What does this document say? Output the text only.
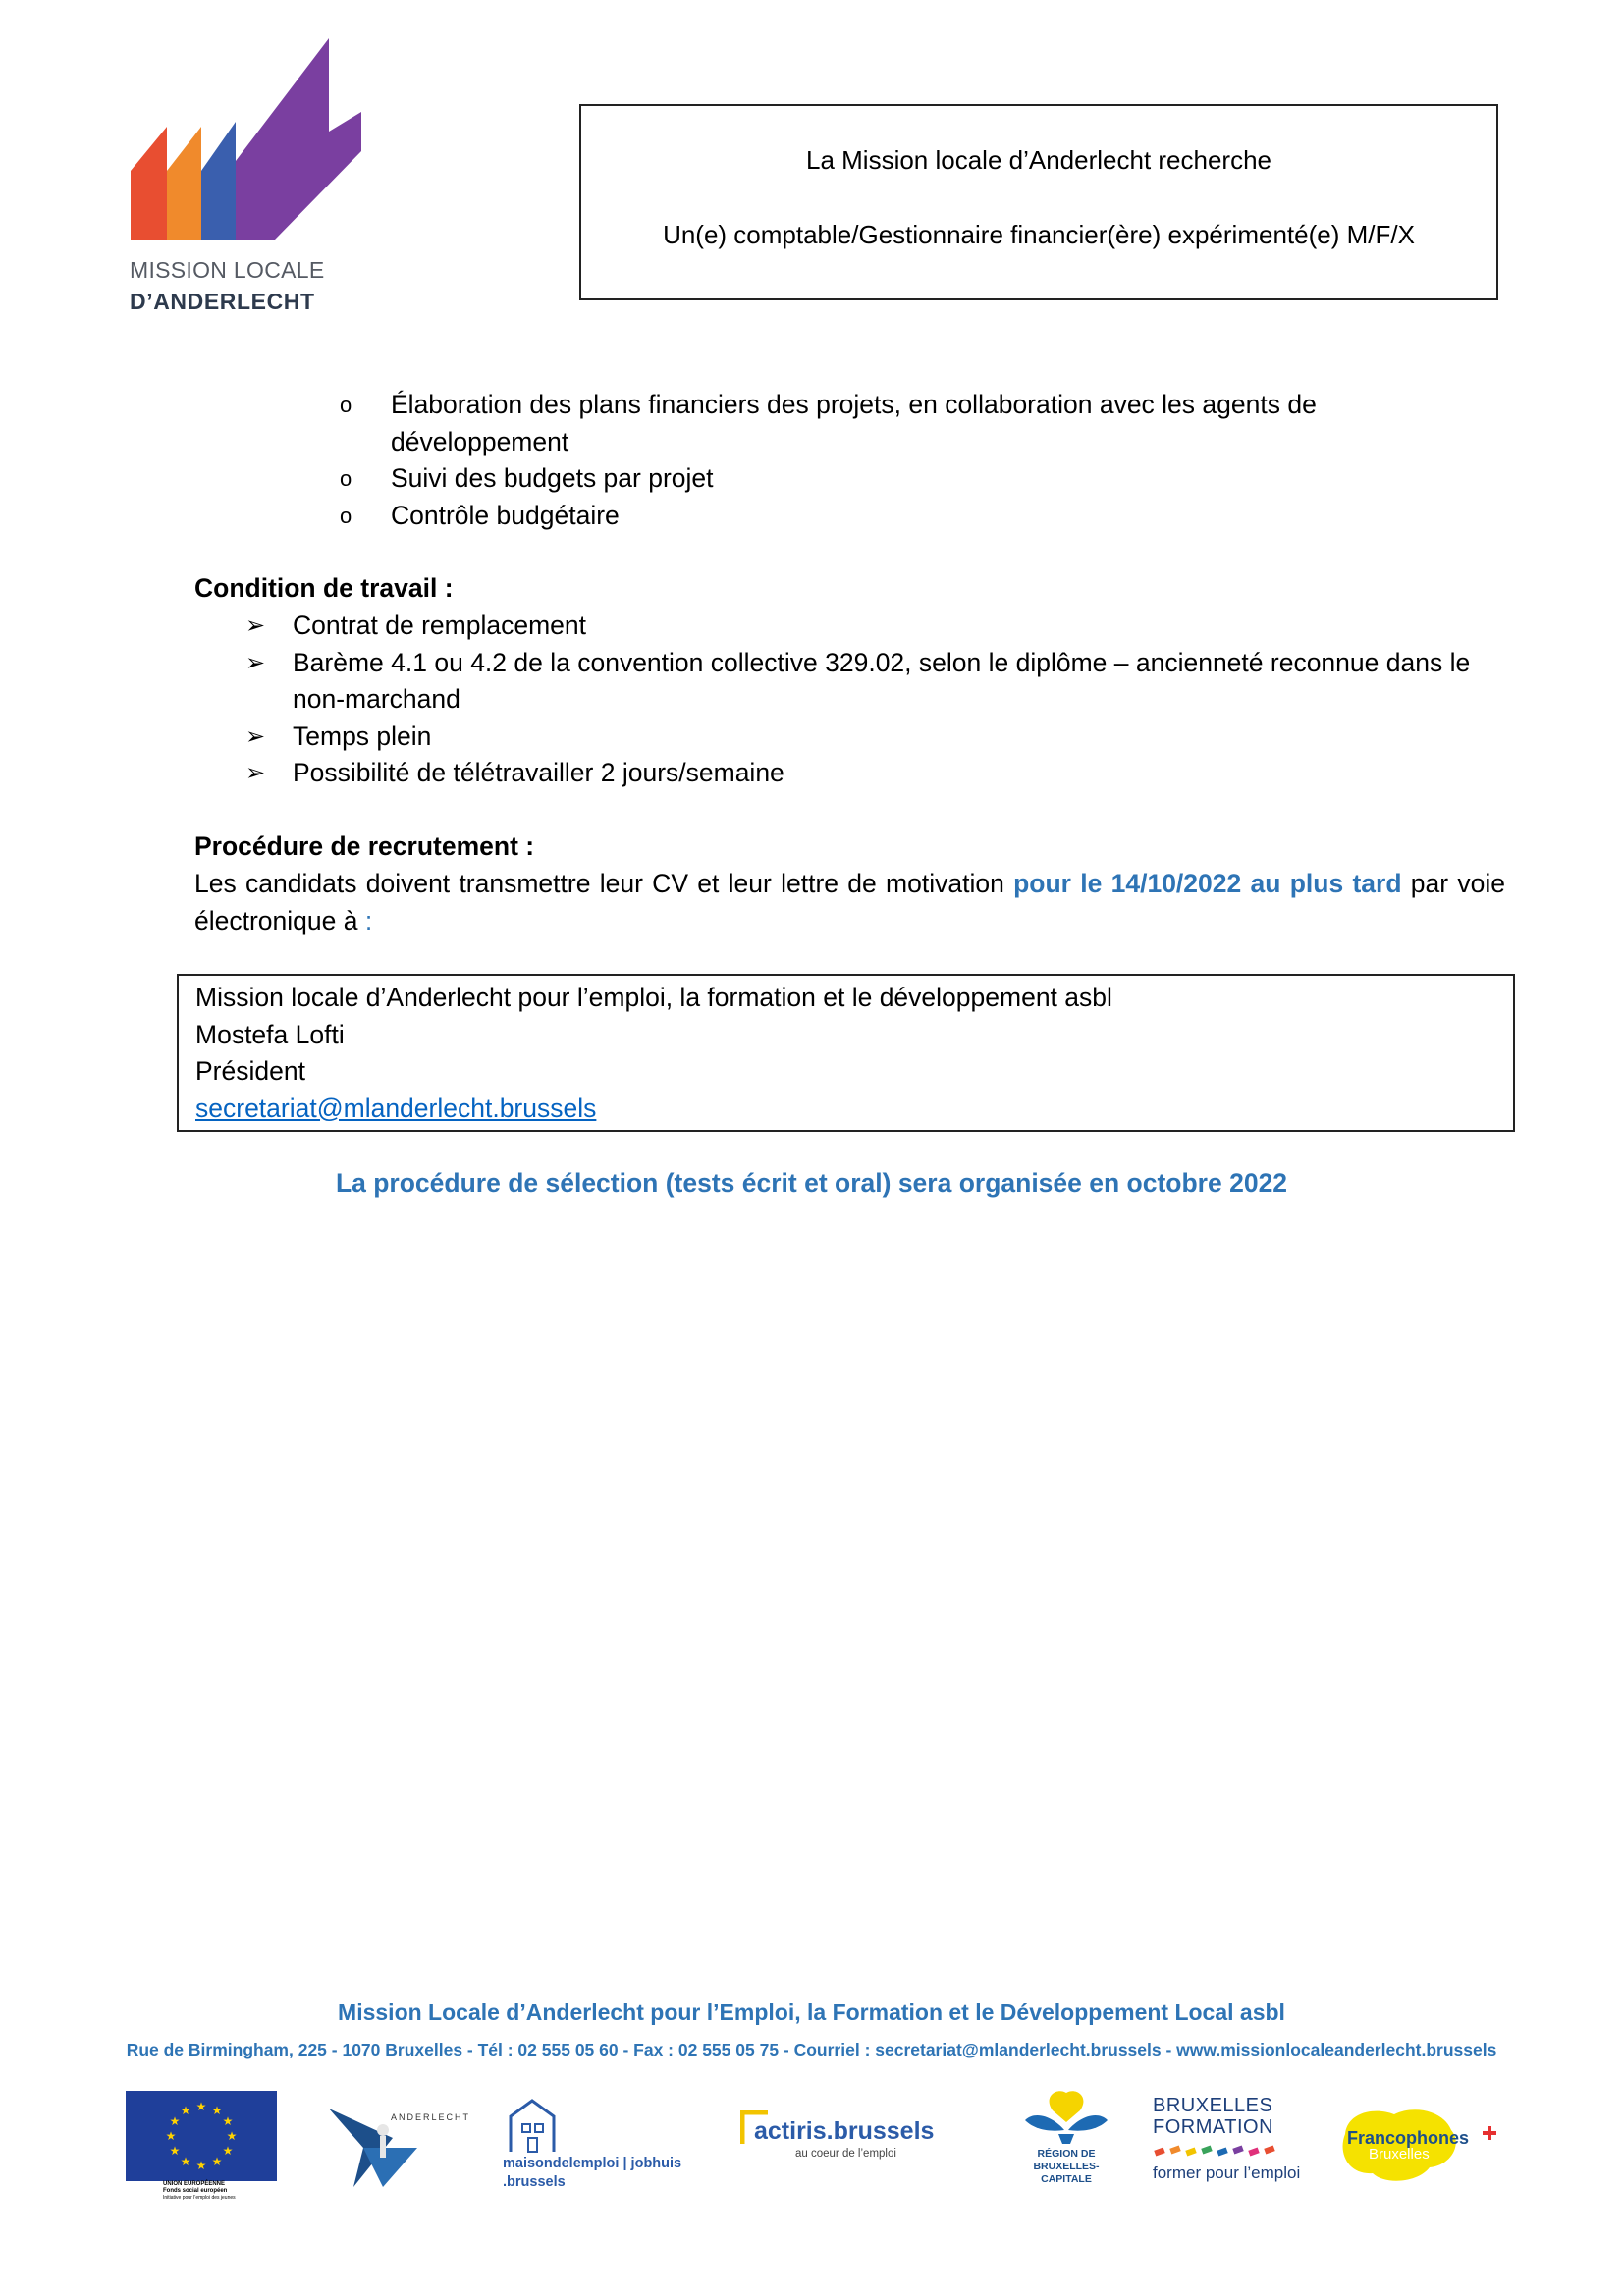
MISSION LOCALE
D’ANDERLECHT
La Mission locale d’Anderlecht recherche
Un(e) comptable/Gestionnaire financier(ère) expérimenté(e) M/F/X
o Élaboration des plans financiers des projets, en collaboration avec les agents de développement
o Suivi des budgets par projet
o Contrôle budgétaire
Condition de travail :
➢ Contrat de remplacement
➢ Barème 4.1 ou 4.2 de la convention collective 329.02, selon le diplôme – ancienneté reconnue dans le non-marchand
➢ Temps plein
➢ Possibilité de télétravailler 2 jours/semaine
Procédure de recrutement :
Les candidats doivent transmettre leur CV et leur lettre de motivation pour le 14/10/2022 au plus tard par voie électronique à :
Mission locale d’Anderlecht pour l’emploi, la formation et le développement asbl
Mostefa Lofti
Président
secretariat@mlanderlecht.brussels
La procédure de sélection (tests écrit et oral) sera organisée en octobre 2022
Mission Locale d’Anderlecht pour l’Emploi, la Formation et le Développement Local asbl
Rue de Birmingham, 225 - 1070 Bruxelles - Tél : 02 555 05 60 - Fax : 02 555 05 75 - Courriel : secretariat@mlanderlecht.brussels - www.missionlocaleanderlecht.brussels
★ ★
★
★
★
★
★
★
★
★
★
★
UNION EUROPÉENNE
Fonds social européen
Initiative pour l’emploi des jeunes
ANDERLECHT
maisondelemploi | jobhuis
.brussels
actiris.brussels
au coeur de l’emploi	RÉGION DE
BRUXELLES-
CAPITALE
BRUXELLES
FORMATION
former pour l’emploi
Francophones
Bruxelles
